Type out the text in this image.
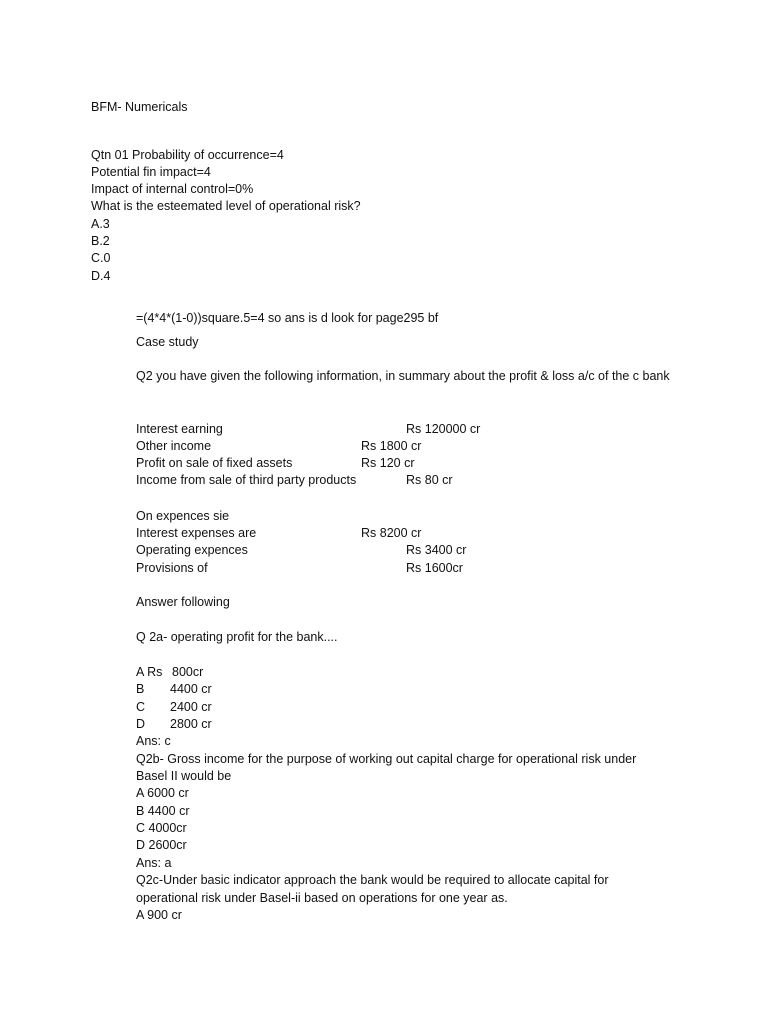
BFM- Numericals
Qtn 01 Probability of occurrence=4
Potential fin impact=4
Impact of internal control=0%
What is the esteemated level of operational risk?
A.3
B.2
C.0
D.4
=(4*4*(1-0))square.5=4 so ans is d look for page295 bf
Case study
Q2 you have given the following information, in summary about the profit & loss a/c of the c bank
Interest earning	Rs 120000 cr
Other income	Rs 1800 cr
Profit on sale of fixed assets	Rs 120 cr
Income from sale of third party products	Rs 80 cr
On expences sie
Interest expenses are	Rs 8200 cr
Operating expences	Rs 3400 cr
Provisions of	Rs 1600cr
Answer following
Q 2a- operating profit for the bank....
A Rs 800cr
B 4400 cr
C 2400 cr
D 2800 cr
Ans: c
Q2b- Gross income for the purpose of working out capital charge for operational risk under
Basel II would be
A 6000 cr
B 4400 cr
C 4000cr
D 2600cr
Ans: a
Q2c-Under basic indicator approach the bank would be required to allocate capital for
operational risk under Basel-ii based on operations for one year as.
A 900 cr
